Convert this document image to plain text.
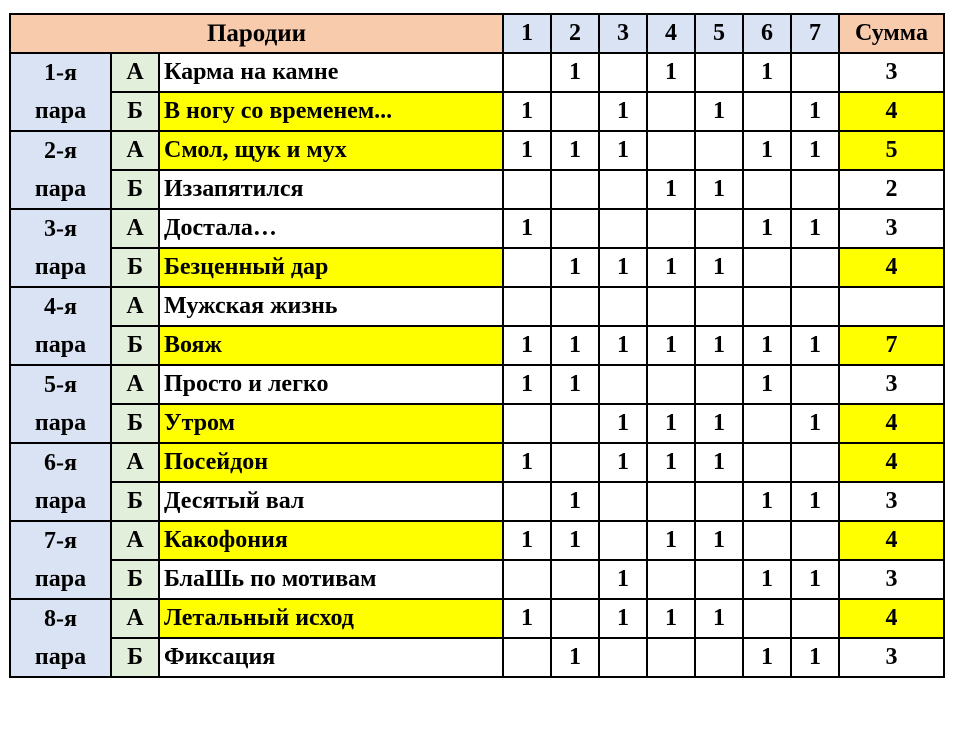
Пародии			1	2	3	4	5	6	7	Сумма
1-я	А	Карма на камне		1		1		1		3
пара	Б	В ногу со временем...	1		1		1		1	4
2-я	А	Смол, щук и мух	1	1	1			1	1	5
пара	Б	Иззапятился				1	1			2
3-я	А	Достала…	1					1	1	3
пара	Б	Безценный дар		1	1	1	1			4
4-я	А	Мужская жизнь								
пара	Б	Вояж	1	1	1	1	1	1	1	7
5-я	А	Просто и легко	1	1				1		3
пара	Б	Утром			1	1	1		1	4
6-я	А	Посейдон	1		1	1	1			4
пара	Б	Десятый вал		1				1	1	3
7-я	А	Какофония	1	1		1	1			4
пара	Б	БлаШь по мотивам			1			1	1	3
8-я	А	Летальный исход	1		1	1	1			4
пара	Б	Фиксация		1				1	1	3
